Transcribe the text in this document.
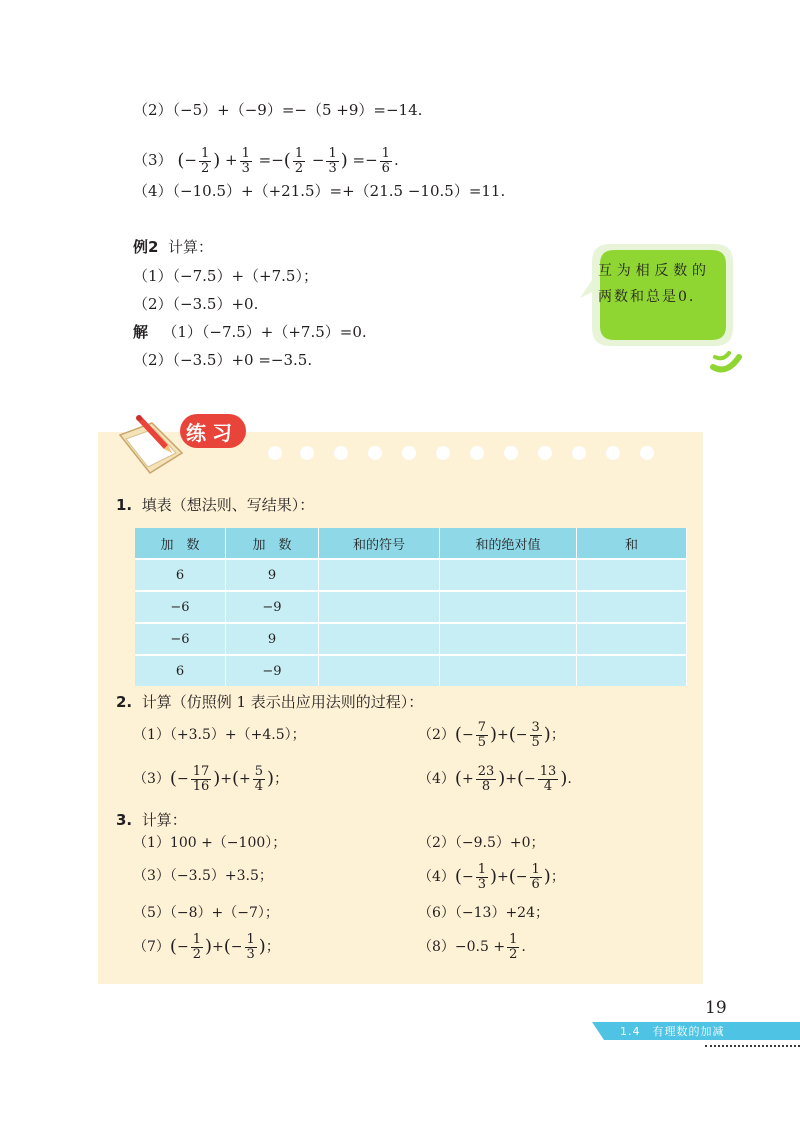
（2）（−5）+（−9）=−（5 +9）=−14.
（3） (− $\frac{1}{2}$ ) + $\frac{1}{3}$ =−( $\frac{1}{2} - \frac{1}{3}$ ) =− $\frac{1}{6}$ .
（4）（−10.5）+（+21.5）=+（21.5 −10.5）=11.
例2 计算：
（1）（−7.5）+（+7.5）；
（2）（−3.5）+0.
解 （1）（−7.5）+（+7.5）=0.
（2）（−3.5）+0 =−3.5.
互为相反数的两数和总是0.
练习
1. 填表（想法则、写结果）：
加　数	加　数	和的符号	和的绝对值	和
6	9			
−6	−9			
−6	9			
6	−9			
2. 计算（仿照例 1 表示出应用法则的过程）：
（1）（+3.5）+（+4.5）；	$(2)(- \frac{7}{5}$ )+(− $\frac{3}{5}$ )；
$(3)(- \frac{17}{16}$ )+(+ $\frac{5}{4}$ )；	$(4)(+ \frac{23}{8}$ )+(− $\frac{13}{4}$ ).
3. 计算：
（1）100 +（−100）；	（2）（−9.5）+0；
（3）（−3.5）+3.5；	$(4)(- \frac{1}{3}$ )+(− $\frac{1}{6}$ )；
（5）（−8）+（−7）；	（6）（−13）+24；
$(7)(- \frac{1}{2}$ )+(− $\frac{1}{3}$ )；	$(8)-0.5 + \frac{1}{2}$ .
19
1.4　有理数的加减
